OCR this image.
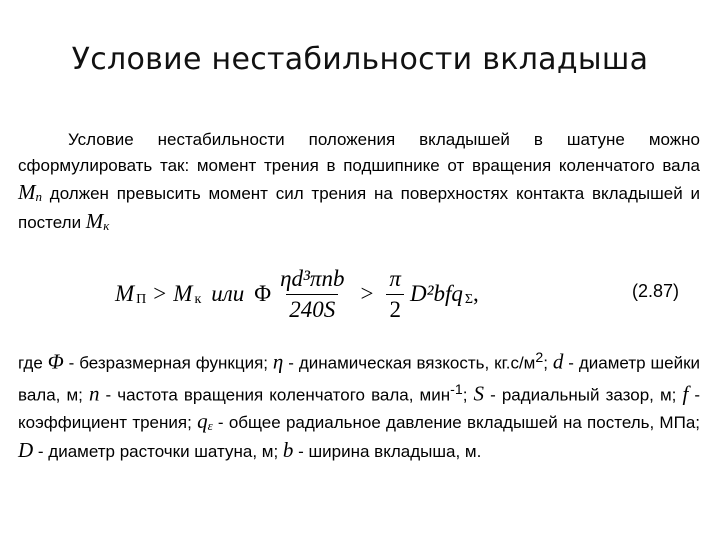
Условие нестабильности вкладыша
Условие нестабильности положения вкладышей в шатуне можно сформулировать так: момент трения в подшипнике от вращения коленчатого вала $M_п$ должен превысить момент сил трения на поверхностях контакта вкладышей и постели $M_к$
M П > M к или Φ $\frac{\text{ηd³πnb}}{240S} > \frac{\pi}{2} D^2bfq$ Σ ,	(2.87)
где Φ - безразмерная функция; η - динамическая вязкость, $кг.с/м^2$; d - диаметр шейки вала, м; n - частота вращения коленчатого вала, мин$^{-1}$; S - радиальный зазор, м; f - коэффициент трения; $q_\varepsilon$ - общее радиальное давление вкладышей на постель, МПа; D - диаметр расточки шатуна, м; b - ширина вкладыша, м.
